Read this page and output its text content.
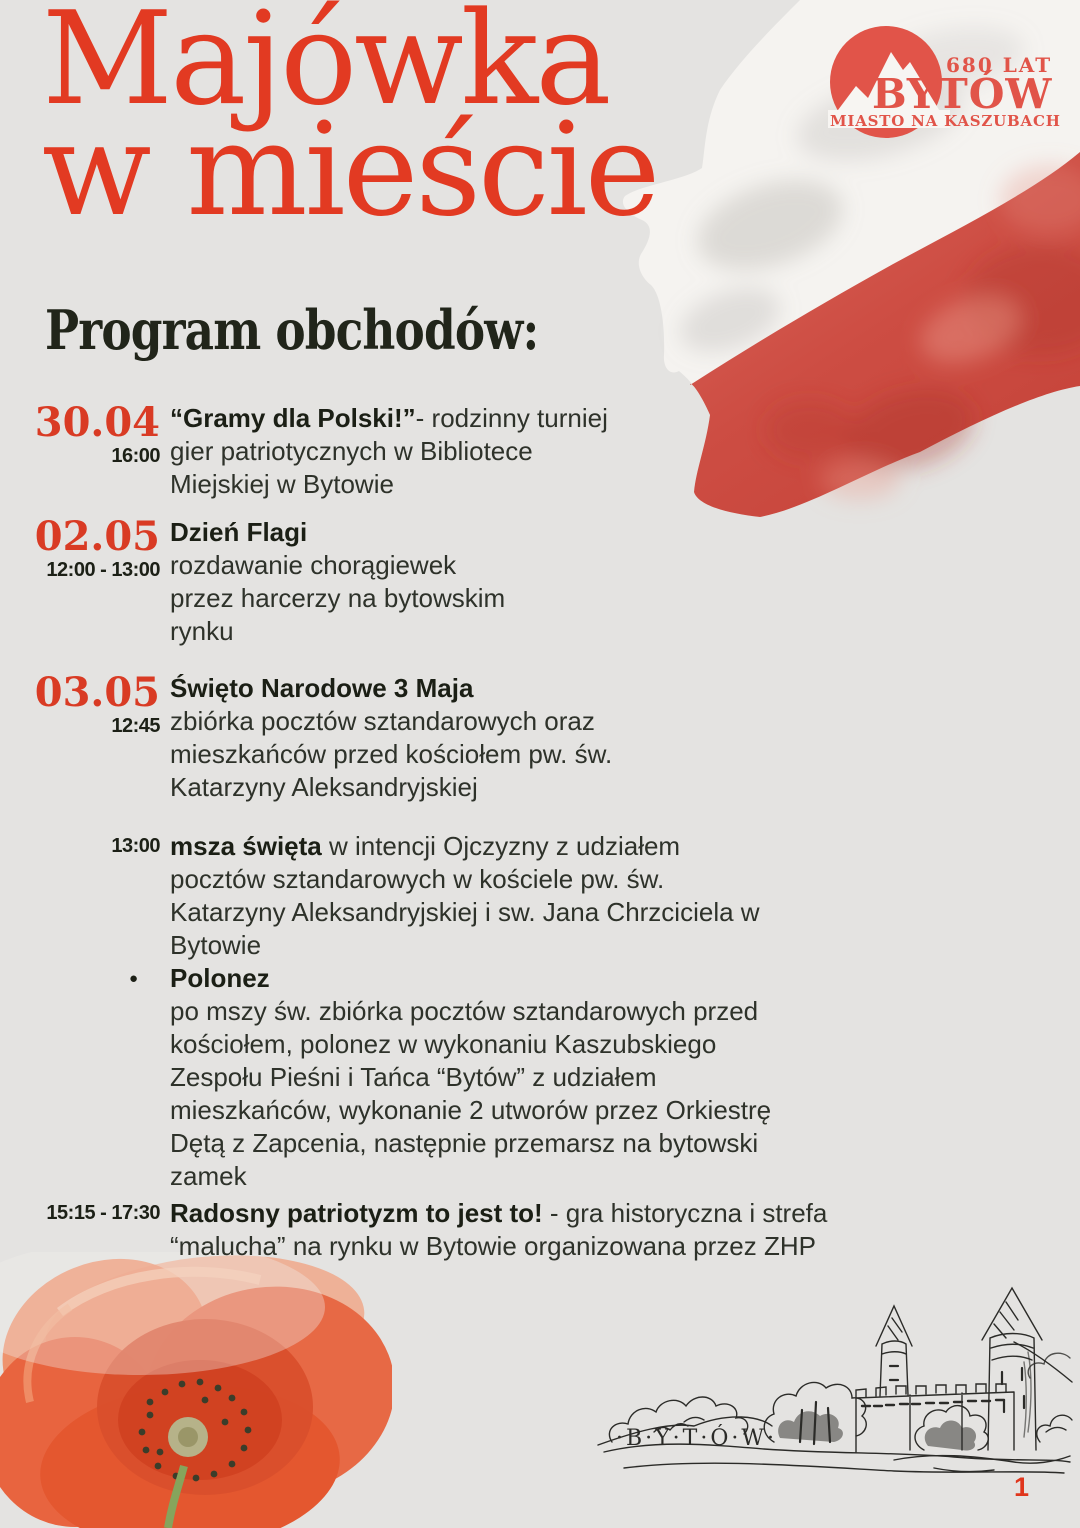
Majówka
w mieście
680 LAT
BYTÓW
MIASTO NA KASZUBACH
Program obchodów:
30.04
16:00
“Gramy dla Polski!”- rodzinny turniej
gier patriotycznych w Bibliotece
Miejskiej w Bytowie
02.05
12:00 - 13:00
Dzień Flagi
rozdawanie chorągiewek
przez harcerzy na bytowskim
rynku
03.05
12:45
Święto Narodowe 3 Maja
zbiórka pocztów sztandarowych oraz
mieszkańców przed kościołem pw. św.
Katarzyny Aleksandryjskiej
13:00 msza święta w intencji Ojczyzny z udziałem
pocztów sztandarowych w kościele pw. św.
Katarzyny Aleksandryjskiej i sw. Jana Chrzciciela w
Bytowie
●	Polonez
po mszy św. zbiórka pocztów sztandarowych przed
kościołem, polonez w wykonaniu Kaszubskiego
Zespołu Pieśni i Tańca “Bytów” z udziałem
mieszkańców, wykonanie 2 utworów przez Orkiestrę
Dętą z Zapcenia, następnie przemarsz na bytowski
zamek
15:15 - 17:30 Radosny patriotyzm to jest to! - gra historyczna i strefa
“malucha” na rynku w Bytowie organizowana przez ZHP
·B·Y·T·Ó·W·
1
